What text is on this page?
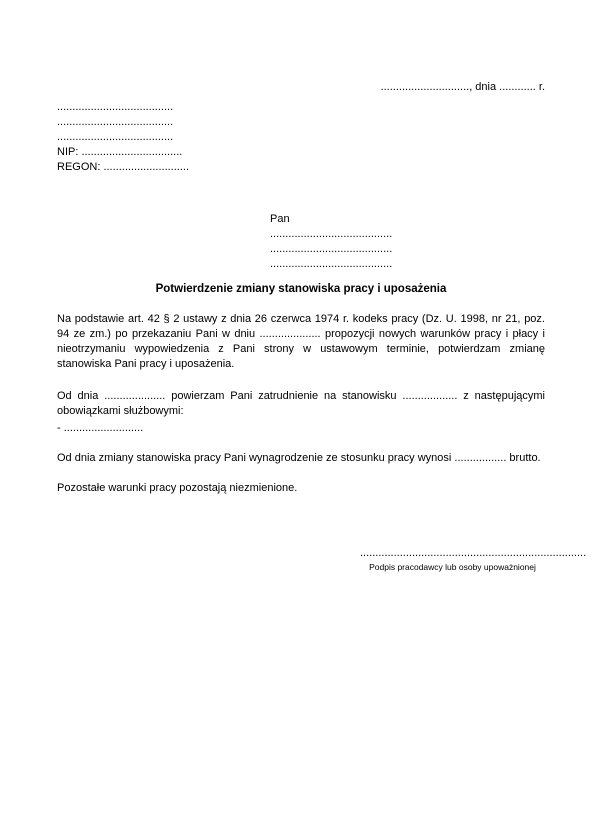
............................., dnia ............ r.
......................................
......................................
......................................
NIP: .................................
REGON: ............................
Pan
........................................
........................................
........................................
Potwierdzenie zmiany stanowiska pracy i uposażenia

Na podstawie art. 42 § 2 ustawy z dnia 26 czerwca 1974 r. kodeks pracy (Dz. U. 1998, nr 21, poz. 94 ze zm.) po przekazaniu Pani w dniu .................... propozycji nowych warunków pracy i płacy i nieotrzymaniu wypowiedzenia z Pani strony w ustawowym terminie, potwierdzam zmianę stanowiska Pani pracy i uposażenia.

Od dnia .................... powierzam Pani zatrudnienie na stanowisku .................. z następującymi obowiązkami służbowymi:

- ..........................

Od dnia zmiany stanowiska pracy Pani wynagrodzenie ze stosunku pracy wynosi ................. brutto.

Pozostałe warunki pracy pozostają niezmienione.

..........................................................................
Podpis pracodawcy lub osoby upoważnionej
